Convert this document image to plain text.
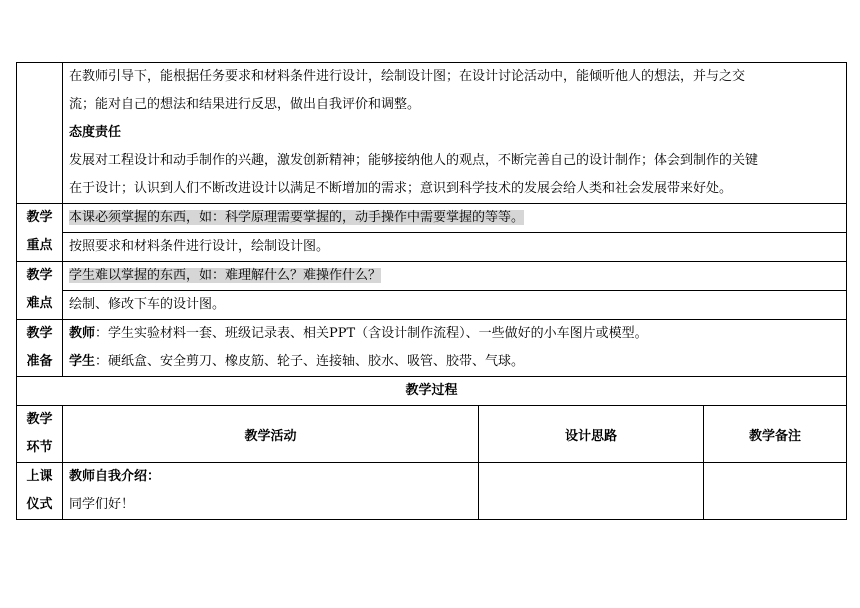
	在教师引导下，能根据任务要求和材料条件进行设计，绘制设计图；在设计讨论活动中，能倾听他人的想法，并与之交
流；能对自己的想法和结果进行反思，做出自我评价和调整。
态度责任
发展对工程设计和动手制作的兴趣，激发创新精神；能够接纳他人的观点，不断完善自己的设计制作；体会到制作的关键
在于设计；认识到人们不断改进设计以满足不断增加的需求；意识到科学技术的发展会给人类和社会发展带来好处。		

教学
重点	本课必须掌握的东西，如：科学原理需要掌握的，动手操作中需要掌握的等等。		

	按照要求和材料条件进行设计，绘制设计图。		

教学
难点	学生难以掌握的东西，如：难理解什么？难操作什么？		

	绘制、修改下车的设计图。		

教学
准备	教师：学生实验材料一套、班级记录表、相关PPT（含设计制作流程）、一些做好的小车图片或模型。
学生：硬纸盒、安全剪刀、橡皮筋、轮子、连接轴、胶水、吸管、胶带、气球。		

教学过程			

教学
环节	教学活动	设计思路	教学备注

上课
仪式	教师自我介绍：
同学们好！		
